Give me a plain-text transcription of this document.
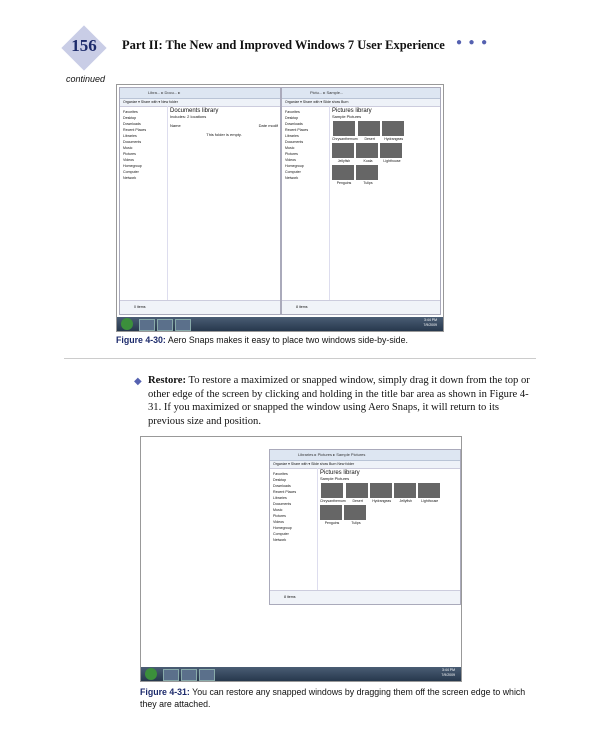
156	Part II: The New and Improved Windows 7 User Experience ● ● ●
continued
Libra... ▸ Docu... ▸
Organize ▾ Share with ▾ New folder
Favorites
Desktop
Downloads
Recent Places
Libraries
Documents
Music
Pictures
Videos
Homegroup
Computer
Network
Documents library
Includes: 2 locations
Name	Date modif
This folder is empty.
0 items
Pictu... ▸ Sample...
Organize ▾ Share with ▾ Slide show Burn
Favorites
Desktop
Downloads
Recent Places
Libraries
Documents
Music
Pictures
Videos
Homegroup
Computer
Network
Pictures library
Sample Pictures
Chrysanthemum	Desert	Hydrangeas
Jellyfish	Koala	Lighthouse
Penguins	Tulips
8 items
3:44 PM
7/9/2009
Figure 4-30: Aero Snaps makes it easy to place two windows side-by-side.
◆ Restore: To restore a maximized or snapped window, simply drag it down from the top or other edge of the screen by clicking and holding in the title bar area as shown in Figure 4-31. If you maximized or snapped the window using Aero Snaps, it will return to its previous size and position.
Libraries ▸ Pictures ▸ Sample Pictures
Organize ▾ Share with ▾ Slide show Burn New folder
Favorites
Desktop
Downloads
Recent Places
Libraries
Documents
Music
Pictures
Videos
Homegroup
Computer
Network
Pictures library
Sample Pictures
Chrysanthemum	Desert	Hydrangeas	Jellyfish	Lighthouse
Penguins	Tulips
8 items
3:44 PM
7/9/2009
Figure 4-31: You can restore any snapped windows by dragging them off the screen edge to which they are attached.
